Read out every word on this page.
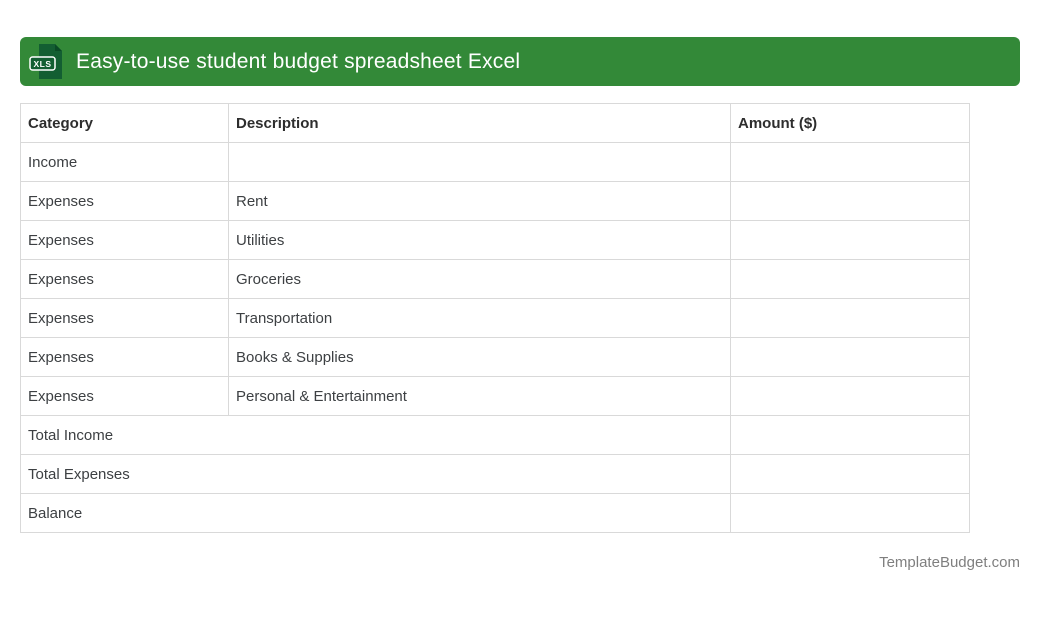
XLS Easy-to-use student budget spreadsheet Excel
Category	Description	Amount ($)
Income		
Expenses	Rent	
Expenses	Utilities	
Expenses	Groceries	
Expenses	Transportation	
Expenses	Books & Supplies	
Expenses	Personal & Entertainment	
Total Income		
Total Expenses		
Balance		
TemplateBudget.com
